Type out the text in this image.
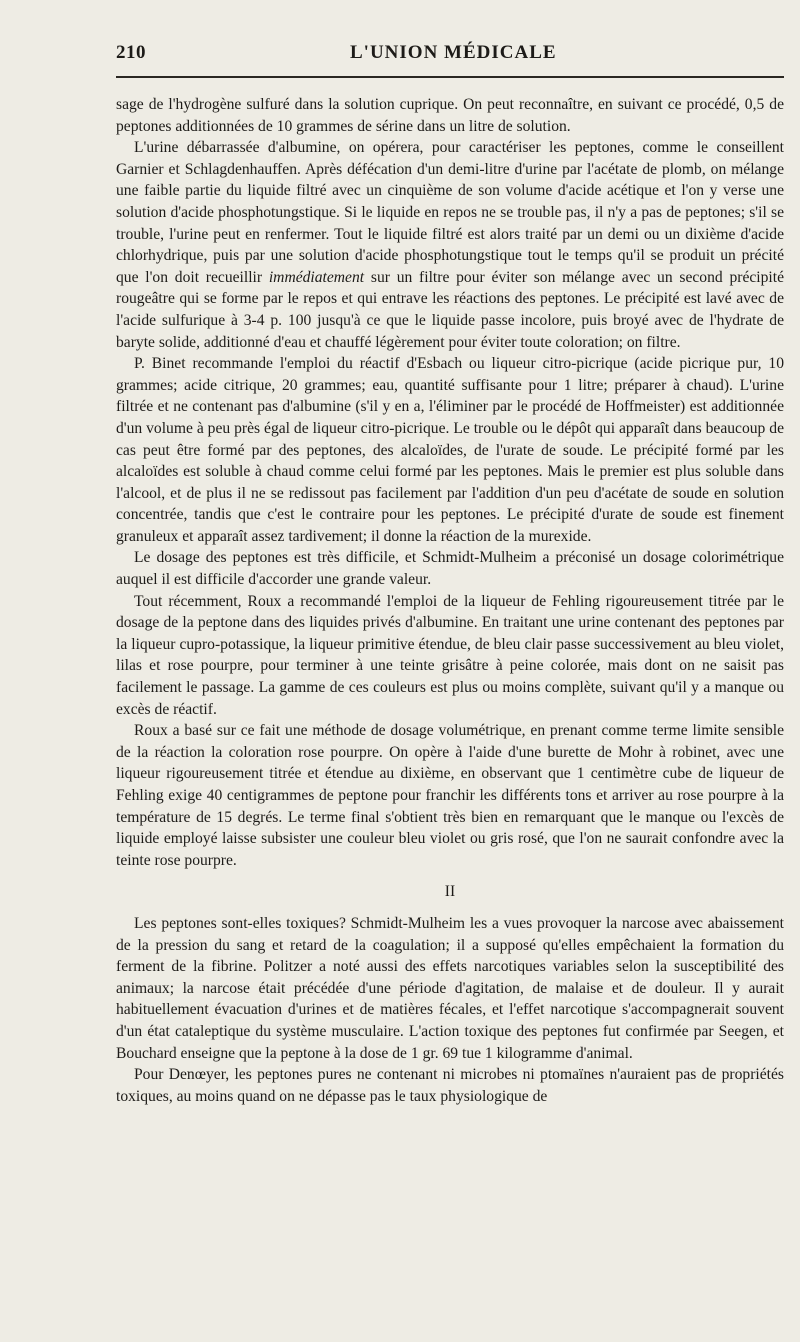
210	L'UNION MÉDICALE

sage de l'hydrogène sulfuré dans la solution cuprique. On peut reconnaître, en suivant ce procédé, 0,5 de peptones additionnées de 10 grammes de sérine dans un litre de solution.

L'urine débarrassée d'albumine, on opérera, pour caractériser les peptones, comme le conseillent Garnier et Schlagdenhauffen. Après défécation d'un demi-litre d'urine par l'acétate de plomb, on mélange une faible partie du liquide filtré avec un cinquième de son volume d'acide acétique et l'on y verse une solution d'acide phosphotungstique. Si le liquide en repos ne se trouble pas, il n'y a pas de peptones; s'il se trouble, l'urine peut en renfermer. Tout le liquide filtré est alors traité par un demi ou un dixième d'acide chlorhydrique, puis par une solution d'acide phosphotungstique tout le temps qu'il se produit un précité que l'on doit recueillir immédiatement sur un filtre pour éviter son mélange avec un second précipité rougeâtre qui se forme par le repos et qui entrave les réactions des peptones. Le précipité est lavé avec de l'acide sulfurique à 3-4 p. 100 jusqu'à ce que le liquide passe incolore, puis broyé avec de l'hydrate de baryte solide, additionné d'eau et chauffé légèrement pour éviter toute coloration; on filtre.

P. Binet recommande l'emploi du réactif d'Esbach ou liqueur citro-picrique (acide picrique pur, 10 grammes; acide citrique, 20 grammes; eau, quantité suffisante pour 1 litre; préparer à chaud). L'urine filtrée et ne contenant pas d'albumine (s'il y en a, l'éliminer par le procédé de Hoffmeister) est additionnée d'un volume à peu près égal de liqueur citro-picrique. Le trouble ou le dépôt qui apparaît dans beaucoup de cas peut être formé par des peptones, des alcaloïdes, de l'urate de soude. Le précipité formé par les alcaloïdes est soluble à chaud comme celui formé par les peptones. Mais le premier est plus soluble dans l'alcool, et de plus il ne se redissout pas facilement par l'addition d'un peu d'acétate de soude en solution concentrée, tandis que c'est le contraire pour les peptones. Le précipité d'urate de soude est finement granuleux et apparaît assez tardivement; il donne la réaction de la murexide.

Le dosage des peptones est très difficile, et Schmidt-Mulheim a préconisé un dosage colorimétrique auquel il est difficile d'accorder une grande valeur.

Tout récemment, Roux a recommandé l'emploi de la liqueur de Fehling rigoureusement titrée par le dosage de la peptone dans des liquides privés d'albumine. En traitant une urine contenant des peptones par la liqueur cupro-potassique, la liqueur primitive étendue, de bleu clair passe successivement au bleu violet, lilas et rose pourpre, pour terminer à une teinte grisâtre à peine colorée, mais dont on ne saisit pas facilement le passage. La gamme de ces couleurs est plus ou moins complète, suivant qu'il y a manque ou excès de réactif.

Roux a basé sur ce fait une méthode de dosage volumétrique, en prenant comme terme limite sensible de la réaction la coloration rose pourpre. On opère à l'aide d'une burette de Mohr à robinet, avec une liqueur rigoureusement titrée et étendue au dixième, en observant que 1 centimètre cube de liqueur de Fehling exige 40 centigrammes de peptone pour franchir les différents tons et arriver au rose pourpre à la température de 15 degrés. Le terme final s'obtient très bien en remarquant que le manque ou l'excès de liquide employé laisse subsister une couleur bleu violet ou gris rosé, que l'on ne saurait confondre avec la teinte rose pourpre.

II

Les peptones sont-elles toxiques? Schmidt-Mulheim les a vues provoquer la narcose avec abaissement de la pression du sang et retard de la coagulation; il a supposé qu'elles empêchaient la formation du ferment de la fibrine. Politzer a noté aussi des effets narcotiques variables selon la susceptibilité des animaux; la narcose était précédée d'une période d'agitation, de malaise et de douleur. Il y aurait habituellement évacuation d'urines et de matières fécales, et l'effet narcotique s'accompagnerait souvent d'un état cataleptique du système musculaire. L'action toxique des peptones fut confirmée par Seegen, et Bouchard enseigne que la peptone à la dose de 1 gr. 69 tue 1 kilogramme d'animal.

Pour Denœyer, les peptones pures ne contenant ni microbes ni ptomaïnes n'auraient pas de propriétés toxiques, au moins quand on ne dépasse pas le taux physiologique de
